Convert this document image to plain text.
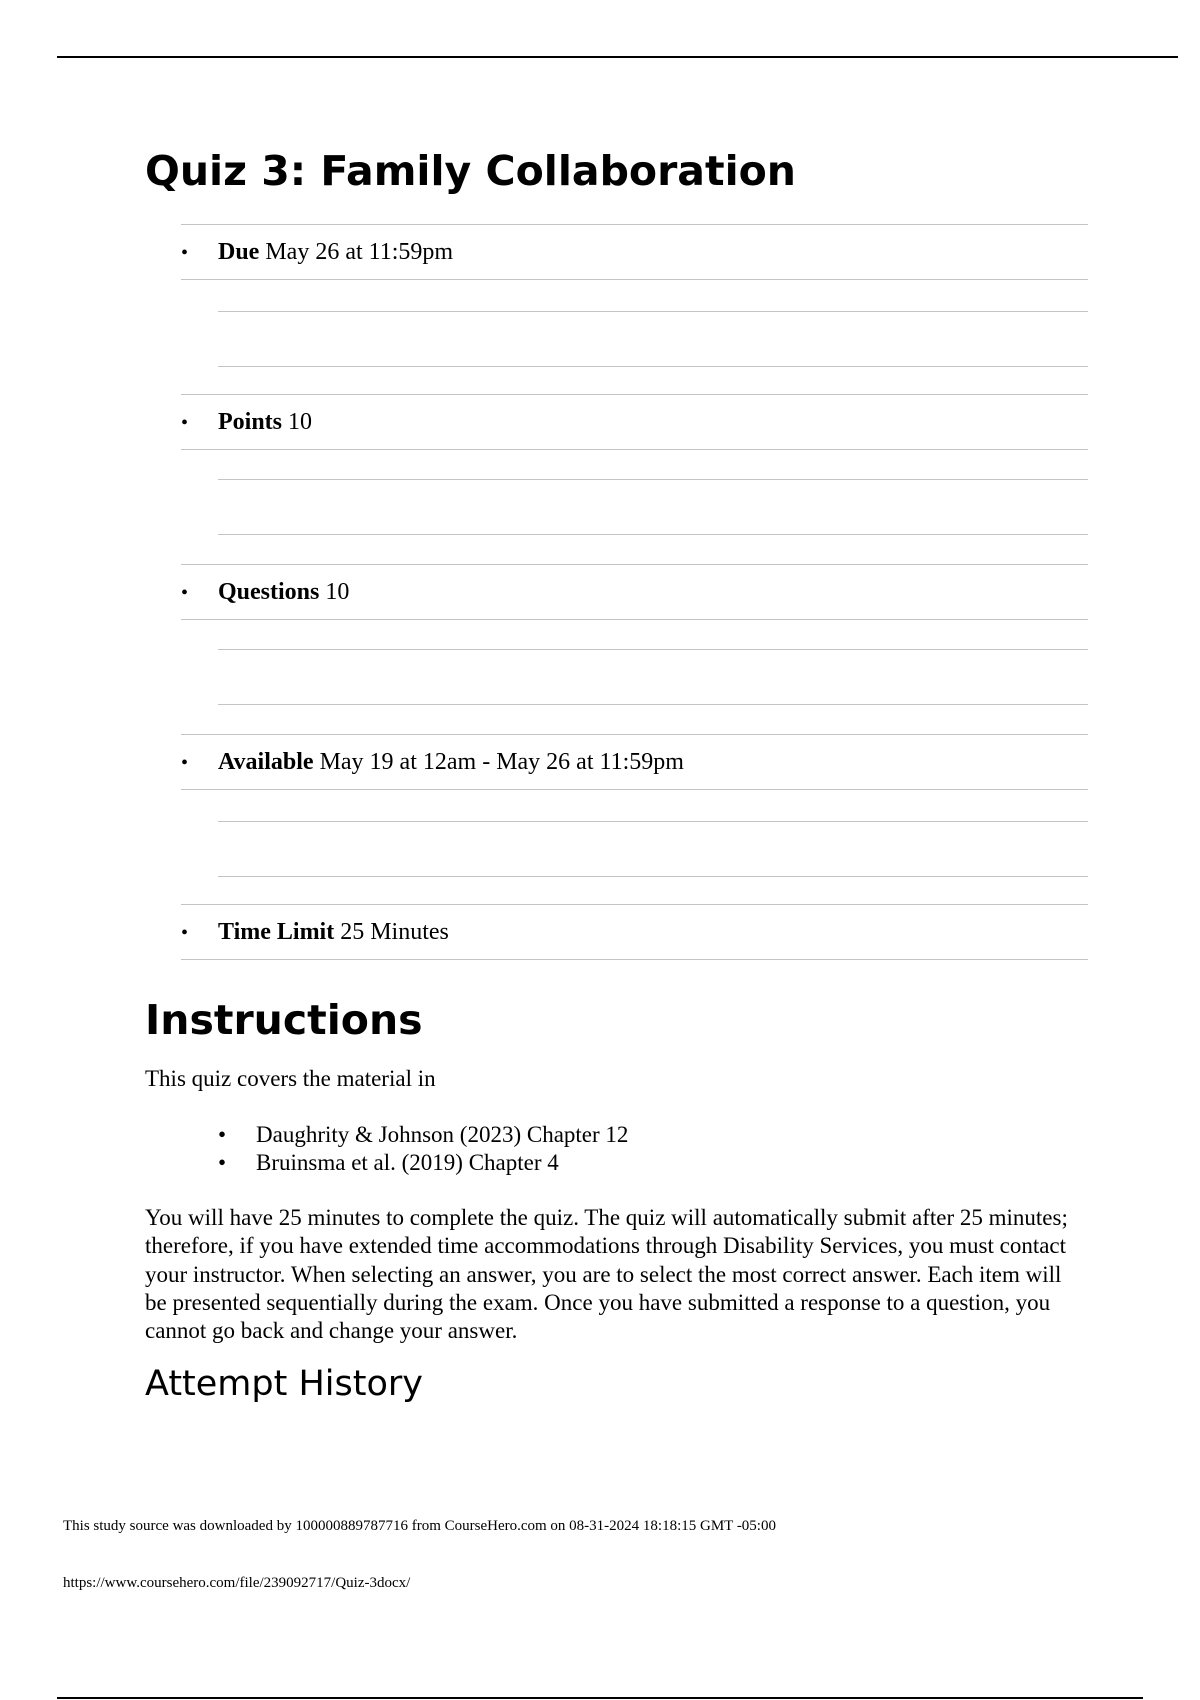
Quiz 3: Family Collaboration
• Due May 26 at 11:59pm
• Points 10
• Questions 10
• Available May 19 at 12am - May 26 at 11:59pm
• Time Limit 25 Minutes
Instructions

This quiz covers the material in

• Daughrity & Johnson (2023) Chapter 12
• Bruinsma et al. (2019) Chapter 4

You will have 25 minutes to complete the quiz. The quiz will automatically submit after 25 minutes; therefore, if you have extended time accommodations through Disability Services, you must contact your instructor. When selecting an answer, you are to select the most correct answer. Each item will be presented sequentially during the exam. Once you have submitted a response to a question, you cannot go back and change your answer.

Attempt History

This study source was downloaded by 100000889787716 from CourseHero.com on 08-31-2024 18:18:15 GMT -05:00

https://www.coursehero.com/file/239092717/Quiz-3docx/
